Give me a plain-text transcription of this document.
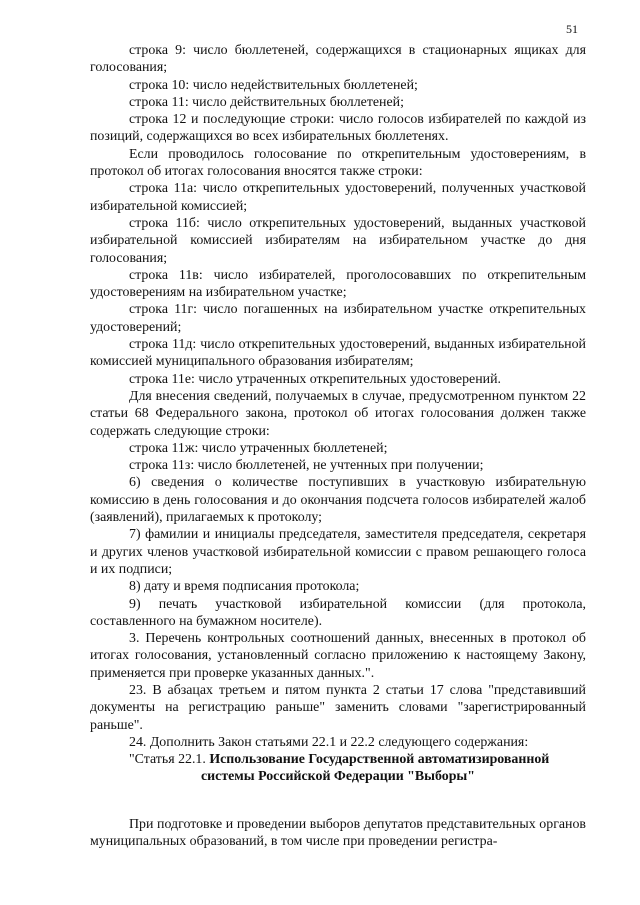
51

строка 9: число бюллетеней, содержащихся в стационарных ящиках для голосования;

строка 10: число недействительных бюллетеней;

строка 11: число действительных бюллетеней;

строка 12 и последующие строки: число голосов избирателей по каждой из позиций, содержащихся во всех избирательных бюллетенях.

Если проводилось голосование по открепительным удостоверениям, в протокол об итогах голосования вносятся также строки:

строка 11а: число открепительных удостоверений, полученных участковой избирательной комиссией;

строка 11б: число открепительных удостоверений, выданных участковой избирательной комиссией избирателям на избирательном участке до дня голосования;

строка 11в: число избирателей, проголосовавших по открепительным удостоверениям на избирательном участке;

строка 11г: число погашенных на избирательном участке открепительных удостоверений;

строка 11д: число открепительных удостоверений, выданных избирательной комиссией муниципального образования избирателям;

строка 11е: число утраченных открепительных удостоверений.

Для внесения сведений, получаемых в случае, предусмотренном пунктом 22 статьи 68 Федерального закона, протокол об итогах голосования должен также содержать следующие строки:

строка 11ж: число утраченных бюллетеней;

строка 11з: число бюллетеней, не учтенных при получении;

6) сведения о количестве поступивших в участковую избирательную комиссию в день голосования и до окончания подсчета голосов избирателей жалоб (заявлений), прилагаемых к протоколу;

7) фамилии и инициалы председателя, заместителя председателя, секретаря и других членов участковой избирательной комиссии с правом решающего голоса и их подписи;

8) дату и время подписания протокола;

9) печать участковой избирательной комиссии (для протокола, составленного на бумажном носителе).

3. Перечень контрольных соотношений данных, внесенных в протокол об итогах голосования, установленный согласно приложению к настоящему Закону, применяется при проверке указанных данных.".

23. В абзацах третьем и пятом пункта 2 статьи 17 слова "представивший документы на регистрацию раньше" заменить словами "зарегистрированный раньше".

24. Дополнить Закон статьями 22.1 и 22.2 следующего содержания:

"Статья 22.1. Использование Государственной автоматизированной

системы Российской Федерации "Выборы"

При подготовке и проведении выборов депутатов представительных органов муниципальных образований, в том числе при проведении регистра-
